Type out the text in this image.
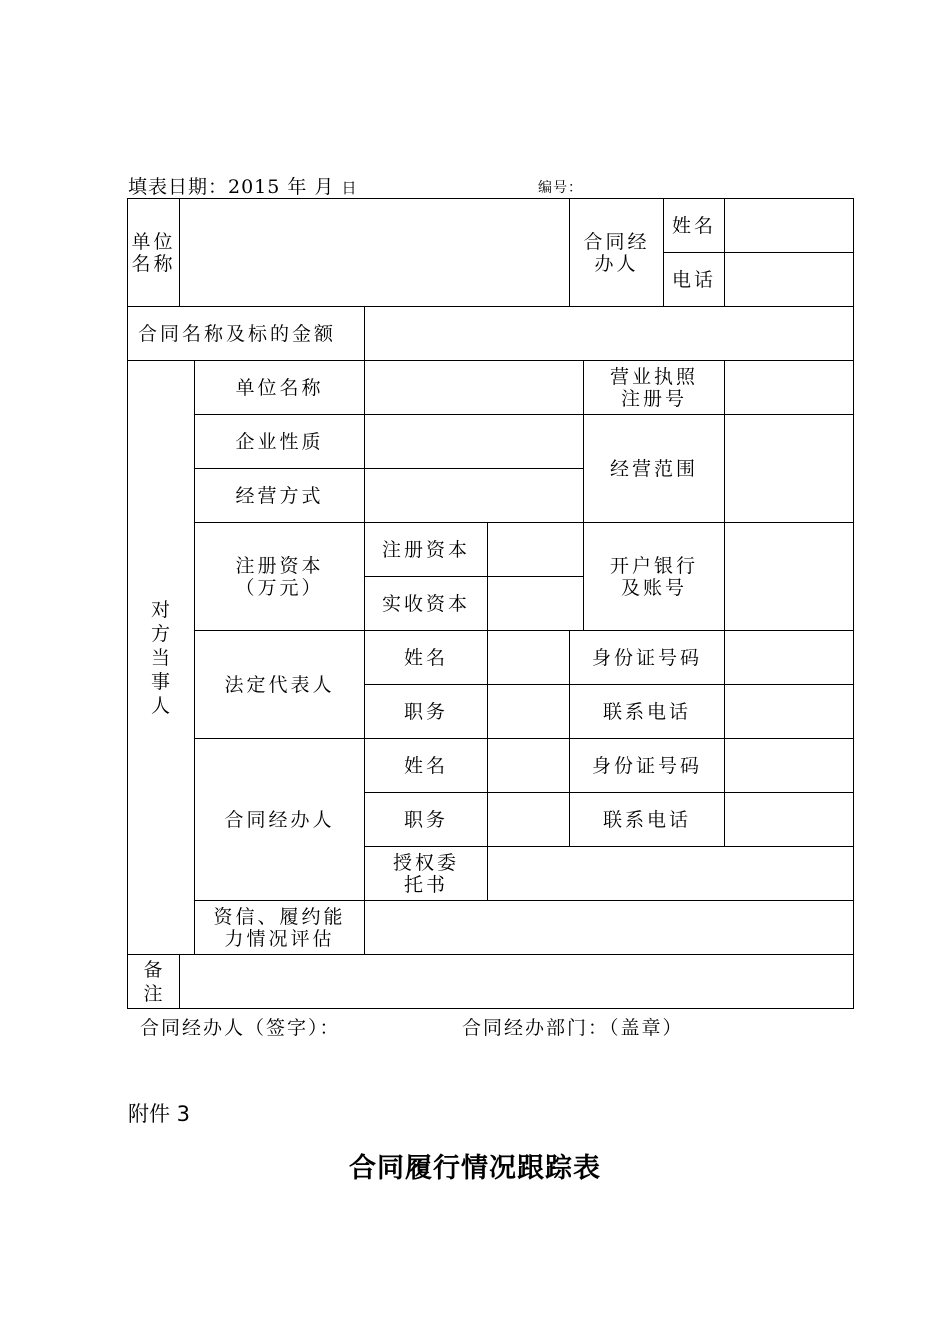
填表日期：2015 年 月 日	编号：
单位名称					合同经办人		姓名	
							电话	
合同名称及标的金额								
对方当事人		单位名称				营业执照注册号		
		企业性质				经营范围		
		经营方式						
		注册资本（万元）	注册资本			开户银行及账号		
			实收资本					
		法定代表人	姓名		身份证号码			
			职务		联系电话			
		合同经办人	姓名		身份证号码			
			职务		联系电话			
			授权委托书					
		资信、履约能力情况评估						
备注								
合同经办人（签字）：	合同经办部门：（盖章）
附件 3
合同履行情况跟踪表
